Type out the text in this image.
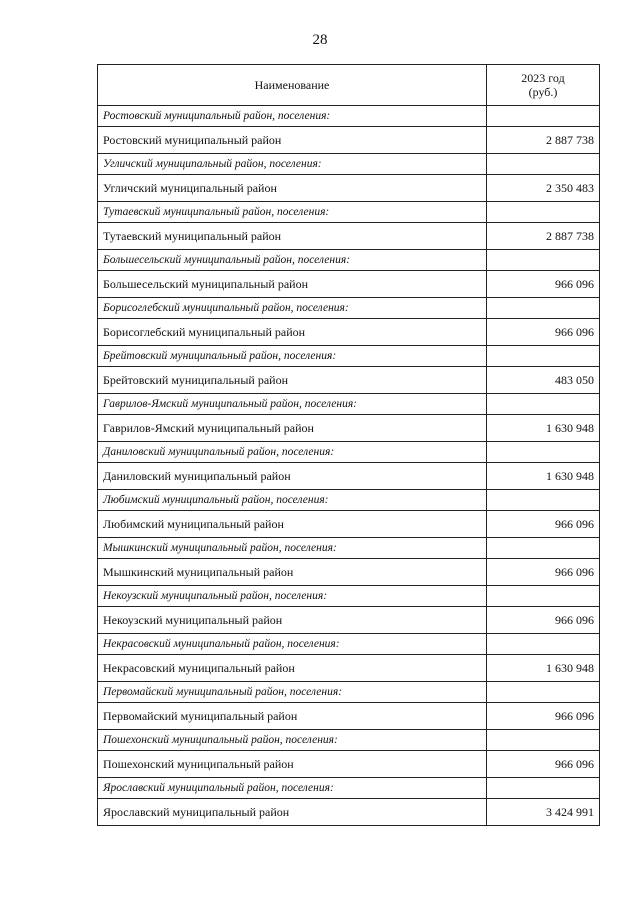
28
Наименование	2023 год
(руб.)
Ростовский муниципальный район, поселения:	
Ростовский муниципальный район	2 887 738
Угличский муниципальный район, поселения:	
Угличский муниципальный район	2 350 483
Тутаевский муниципальный район, поселения:	
Тутаевский муниципальный район	2 887 738
Большесельский муниципальный район, поселения:	
Большесельский муниципальный район	966 096
Борисоглебский муниципальный район, поселения:	
Борисоглебский муниципальный район	966 096
Брейтовский муниципальный район, поселения:	
Брейтовский муниципальный район	483 050
Гаврилов-Ямский муниципальный район, поселения:	
Гаврилов-Ямский муниципальный район	1 630 948
Даниловский муниципальный район, поселения:	
Даниловский муниципальный район	1 630 948
Любимский муниципальный район, поселения:	
Любимский муниципальный район	966 096
Мышкинский муниципальный район, поселения:	
Мышкинский муниципальный район	966 096
Некоузский муниципальный район, поселения:	
Некоузский муниципальный район	966 096
Некрасовский муниципальный район, поселения:	
Некрасовский муниципальный район	1 630 948
Первомайский муниципальный район, поселения:	
Первомайский муниципальный район	966 096
Пошехонский муниципальный район, поселения:	
Пошехонский муниципальный район	966 096
Ярославский муниципальный район, поселения:	
Ярославский муниципальный район	3 424 991
